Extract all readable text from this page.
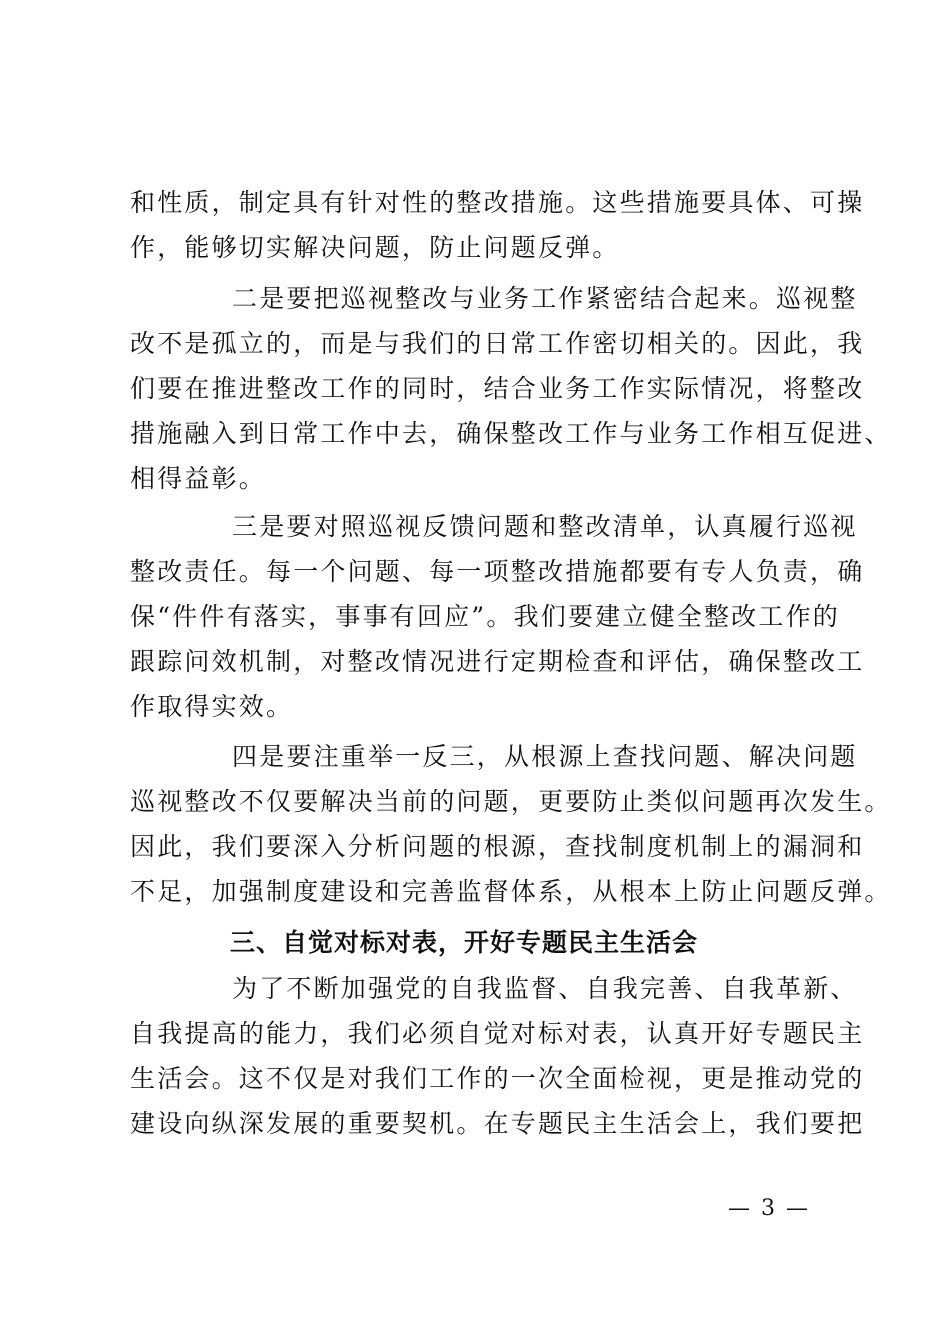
和性质，制定具有针对性的整改措施。这些措施要具体、可操
作，能够切实解决问题，防止问题反弹。
二是要把巡视整改与业务工作紧密结合起来。巡视整
改不是孤立的，而是与我们的日常工作密切相关的。因此，我
们要在推进整改工作的同时，结合业务工作实际情况，将整改
措施融入到日常工作中去，确保整改工作与业务工作相互促进、
相得益彰。
三是要对照巡视反馈问题和整改清单，认真履行巡视
整改责任。每一个问题、每一项整改措施都要有专人负责，确
保“件件有落实，事事有回应”。我们要建立健全整改工作的
跟踪问效机制，对整改情况进行定期检查和评估，确保整改工
作取得实效。
四是要注重举一反三，从根源上查找问题、解决问题
巡视整改不仅要解决当前的问题，更要防止类似问题再次发生。
因此，我们要深入分析问题的根源，查找制度机制上的漏洞和
不足，加强制度建设和完善监督体系，从根本上防止问题反弹。
三、自觉对标对表，开好专题民主生活会
为了不断加强党的自我监督、自我完善、自我革新、
自我提高的能力，我们必须自觉对标对表，认真开好专题民主
生活会。这不仅是对我们工作的一次全面检视，更是推动党的
建设向纵深发展的重要契机。在专题民主生活会上，我们要把
— 3 —
